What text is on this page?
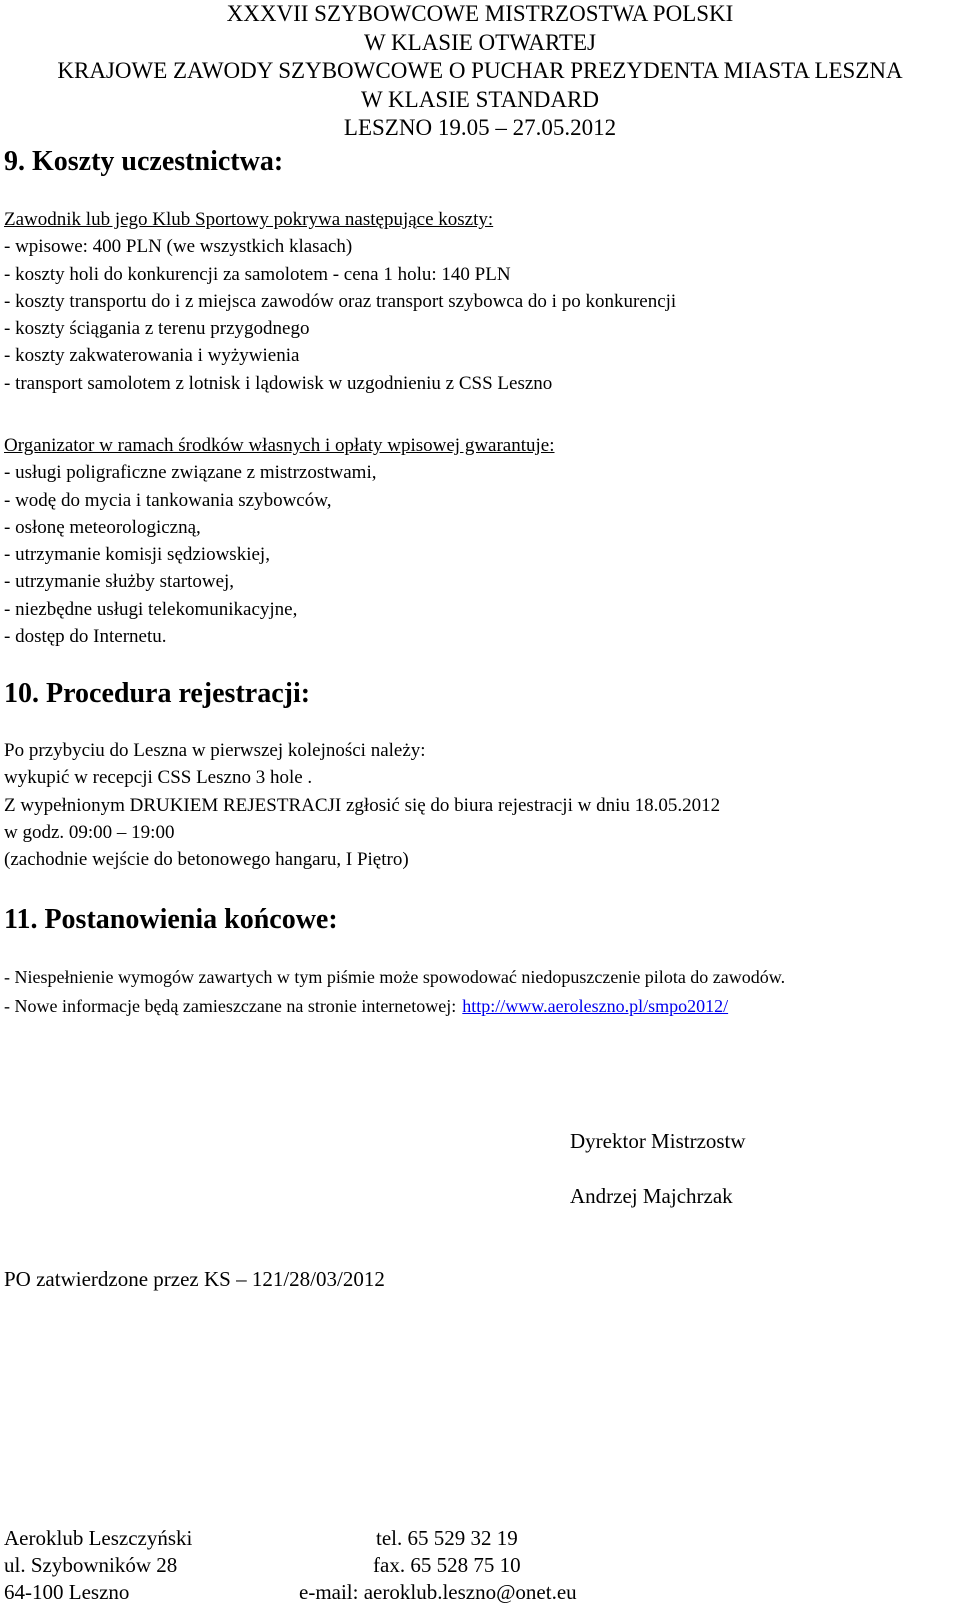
XXXVII SZYBOWCOWE MISTRZOSTWA POLSKI
W KLASIE OTWARTEJ
KRAJOWE ZAWODY SZYBOWCOWE O PUCHAR PREZYDENTA MIASTA LESZNA
W KLASIE STANDARD
LESZNO 19.05 – 27.05.2012
9. Koszty uczestnictwa:
Zawodnik lub jego Klub Sportowy pokrywa następujące koszty:
- wpisowe: 400 PLN (we wszystkich klasach)
- koszty holi do konkurencji za samolotem - cena 1 holu: 140 PLN
- koszty transportu do i z miejsca zawodów oraz transport szybowca do i po konkurencji
- koszty ściągania z terenu przygodnego
- koszty zakwaterowania i wyżywienia
- transport samolotem z lotnisk i lądowisk w uzgodnieniu z CSS Leszno
Organizator w ramach środków własnych i opłaty wpisowej gwarantuje:
- usługi poligraficzne związane z mistrzostwami,
- wodę do mycia i tankowania szybowców,
- osłonę meteorologiczną,
- utrzymanie komisji sędziowskiej,
- utrzymanie służby startowej,
- niezbędne usługi telekomunikacyjne,
- dostęp do Internetu.
10. Procedura rejestracji:
Po przybyciu do Leszna w pierwszej kolejności należy:
wykupić w recepcji CSS Leszno 3 hole .
Z wypełnionym DRUKIEM REJESTRACJI zgłosić się do biura rejestracji w dniu 18.05.2012
w godz. 09:00 – 19:00
(zachodnie wejście do betonowego hangaru, I Piętro)
11. Postanowienia końcowe:
- Niespełnienie wymogów zawartych w tym piśmie może spowodować niedopuszczenie pilota do zawodów.
- Nowe informacje będą zamieszczane na stronie internetowej: http://www.aeroleszno.pl/smpo2012/
Dyrektor Mistrzostw
Andrzej Majchrzak
PO zatwierdzone przez KS – 121/28/03/2012
Aeroklub Leszczyński	tel. 65 529 32 19
ul. Szybowników 28	fax. 65 528 75 10
64-100 Leszno	e-mail: aeroklub.leszno@onet.eu
